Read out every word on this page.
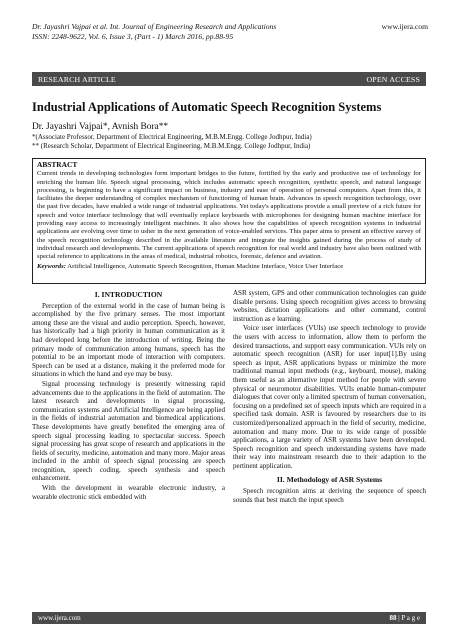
Dr. Jayashri Vajpai et al. Int. Journal of Engineering Research and Applications	www.ijera.com
ISSN: 2248-9622, Vol. 6, Issue 3, (Part - 1) March 2016, pp.88-95
RESEARCH ARTICLE	OPEN ACCESS
Industrial Applications of Automatic Speech Recognition Systems
Dr. Jayashri Vajpai*, Avnish Bora**
*(Associate Professor, Department of Electrical Engineering, M.B.M.Engg. College Jodhpur, India)
** (Research Scholar, Department of Electrical Engineering, M.B.M.Engg. College Jodhpur, India)
ABSTRACT
Current trends in developing technologies form important bridges to the future, fortified by the early and productive use of technology for enriching the human life. Speech signal processing, which includes automatic speech recognition, synthetic speech, and natural language processing, is beginning to have a significant impact on business, industry and ease of operation of personal computers. Apart from this, it facilitates the deeper understanding of complex mechanism of functioning of human brain. Advances in speech recognition technology, over the past five decades, have enabled a wide range of industrial applications. Yet today's applications provide a small preview of a rich future for speech and voice interface technology that will eventually replace keyboards with microphones for designing human machine interface for providing easy access to increasingly intelligent machines. It also shows how the capabilities of speech recognition systems in industrial applications are evolving over time to usher in the next generation of voice-enabled services. This paper aims to present an effective survey of the speech recognition technology described in the available literature and integrate the insights gained during the process of study of individual research and developments. The current applications of speech recognition for real world and industry have also been outlined with special reference to applications in the areas of medical, industrial robotics, forensic, defence and aviation.
Keywords: Artificial Intelligence, Automatic Speech Recognition, Human Machine Interface, Voice User Interface
I. INTRODUCTION

Perception of the external world in the case of human being is accomplished by the five primary senses. The most important among these are the visual and audio perception. Speech, however, has historically had a high priority in human communication as it had developed long before the introduction of writing. Being the primary mode of communication among humans, speech has the potential to be an important mode of interaction with computers. Speech can be used at a distance, making it the preferred mode for situations in which the hand and eye may be busy.

Signal processing technology is presently witnessing rapid advancements due to the applications in the field of automation. The latest research and developments in signal processing, communication systems and Artificial Intelligence are being applied in the fields of industrial automation and biomedical applications. These developments have greatly benefited the emerging area of speech signal processing leading to spectacular success. Speech signal processing has great scope of research and applications in the fields of security, medicine, automation and many more. Major areas included in the ambit of speech signal processing are speech recognition, speech coding, speech synthesis and speech enhancement.

With the development in wearable electronic industry, a wearable electronic stick embedded with

ASR system, GPS and other communication technologies can guide disable persons. Using speech recognition gives access to browsing websites, dictation applications and other command, control instruction as e learning.

Voice user interfaces (VUIs) use speech technology to provide the users with access to information, allow them to perform the desired transactions, and support easy communication. VUIs rely on automatic speech recognition (ASR) for user input[1].By using speech as input, ASR applications bypass or minimize the more traditional manual input methods (e.g., keyboard, mouse), making them useful as an alternative input method for people with severe physical or neuromotor disabilities. VUIs enable human-computer dialogues that cover only a limited spectrum of human conversation, focusing on a predefined set of speech inputs which are required in a specified task domain. ASR is favoured by researchers due to its customized/personalized approach in the field of security, medicine, automation and many more. Due to its wide range of possible applications, a large variety of ASR systems have been developed. Speech recognition and speech understanding systems have made their way into mainstream research due to their adaption to the pertinent application.

II. Methodology of ASR Systems

Speech recognition aims at deriving the sequence of speech sounds that best match the input speech

www.ijera.com	88 | P a g e
